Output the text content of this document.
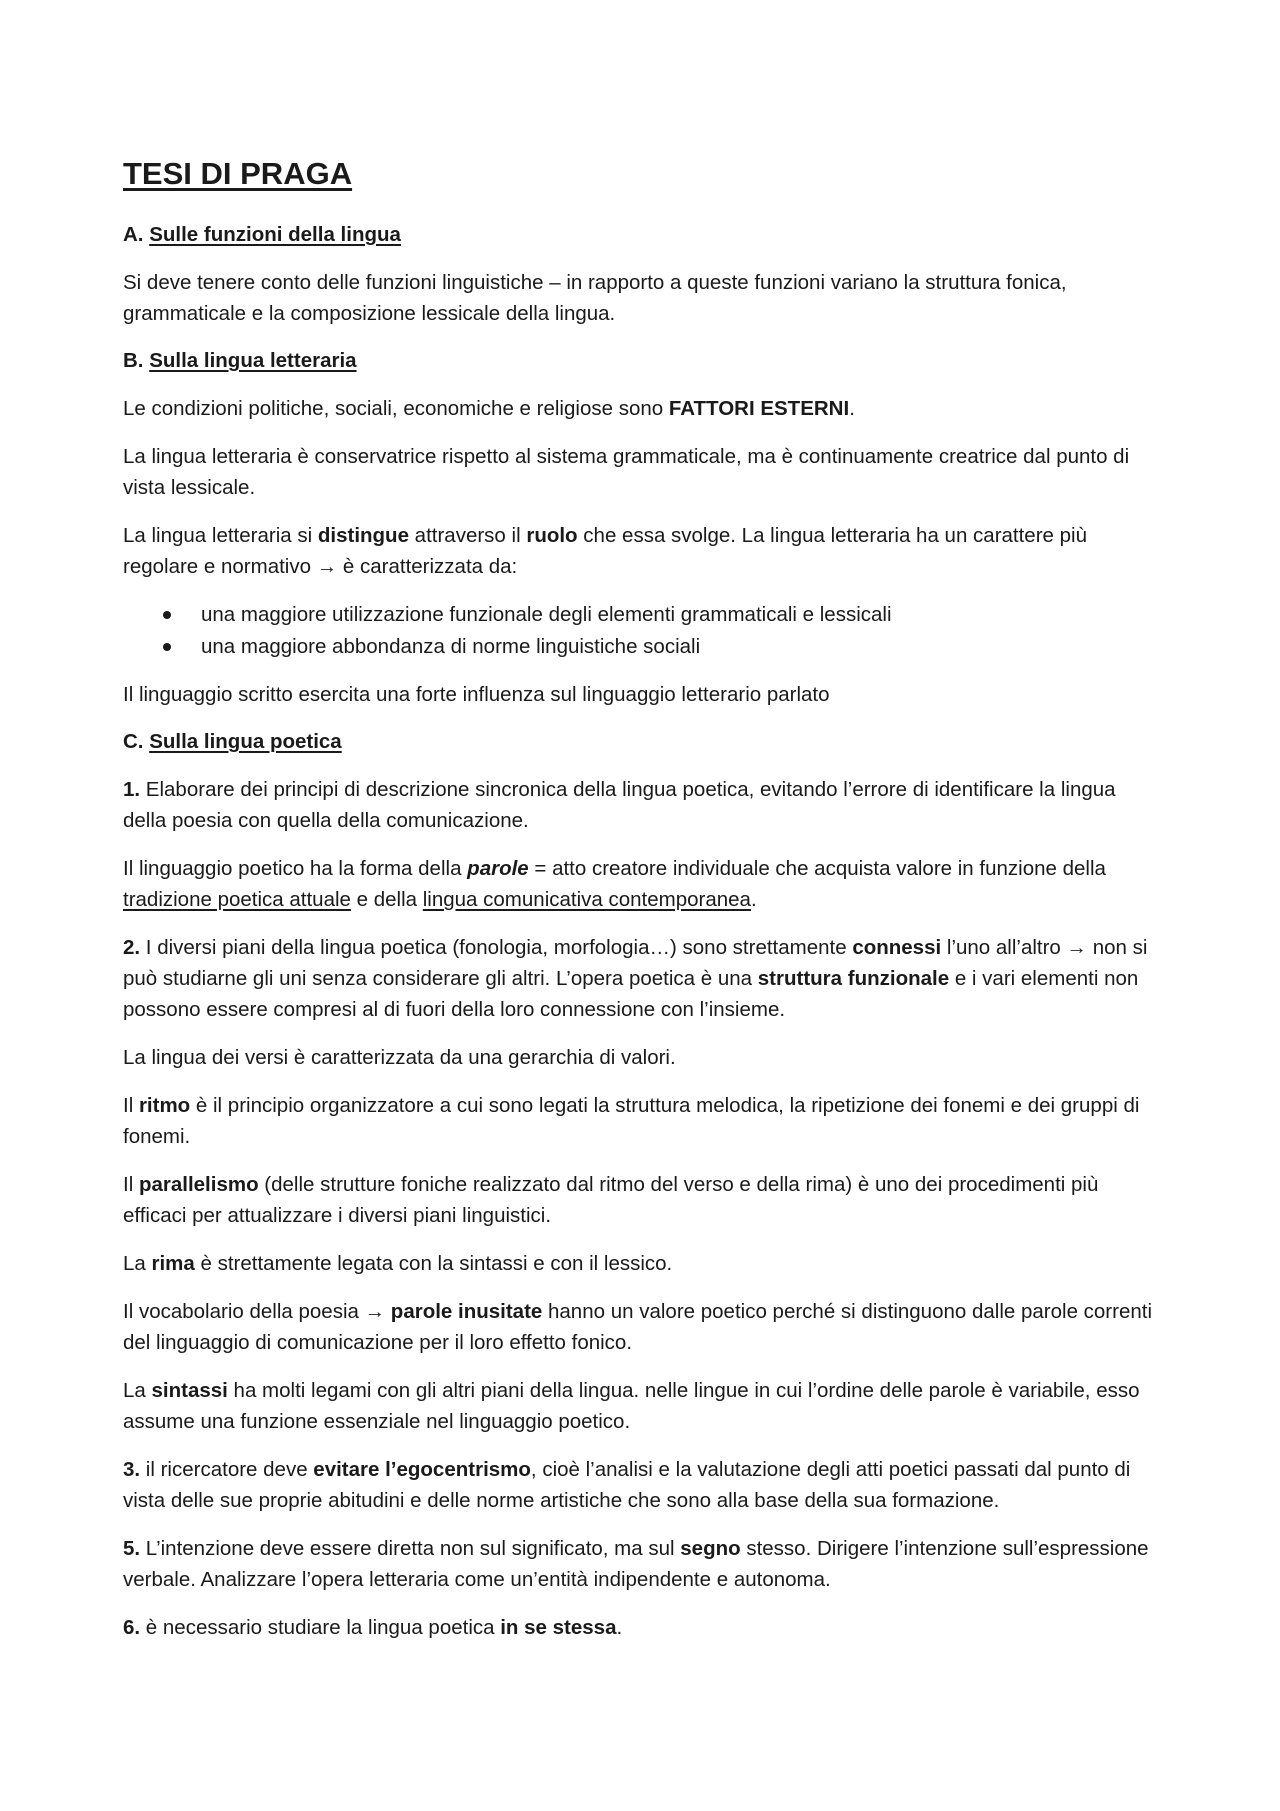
TESI DI PRAGA
A. Sulle funzioni della lingua

Si deve tenere conto delle funzioni linguistiche – in rapporto a queste funzioni variano la struttura fonica, grammaticale e la composizione lessicale della lingua.

B. Sulla lingua letteraria

Le condizioni politiche, sociali, economiche e religiose sono FATTORI ESTERNI.

La lingua letteraria è conservatrice rispetto al sistema grammaticale, ma è continuamente creatrice dal punto di vista lessicale.

La lingua letteraria si distingue attraverso il ruolo che essa svolge. La lingua letteraria ha un carattere più regolare e normativo → è caratterizzata da:

una maggiore utilizzazione funzionale degli elementi grammaticali e lessicali
una maggiore abbondanza di norme linguistiche sociali

Il linguaggio scritto esercita una forte influenza sul linguaggio letterario parlato

C. Sulla lingua poetica

1. Elaborare dei principi di descrizione sincronica della lingua poetica, evitando l’errore di identificare la lingua della poesia con quella della comunicazione.

Il linguaggio poetico ha la forma della parole = atto creatore individuale che acquista valore in funzione della tradizione poetica attuale e della lingua comunicativa contemporanea.

2. I diversi piani della lingua poetica (fonologia, morfologia…) sono strettamente connessi l’uno all’altro → non si può studiarne gli uni senza considerare gli altri. L’opera poetica è una struttura funzionale e i vari elementi non possono essere compresi al di fuori della loro connessione con l’insieme.

La lingua dei versi è caratterizzata da una gerarchia di valori.

Il ritmo è il principio organizzatore a cui sono legati la struttura melodica, la ripetizione dei fonemi e dei gruppi di fonemi.

Il parallelismo (delle strutture foniche realizzato dal ritmo del verso e della rima) è uno dei procedimenti più efficaci per attualizzare i diversi piani linguistici.

La rima è strettamente legata con la sintassi e con il lessico.

Il vocabolario della poesia → parole inusitate hanno un valore poetico perché si distinguono dalle parole correnti del linguaggio di comunicazione per il loro effetto fonico.

La sintassi ha molti legami con gli altri piani della lingua. nelle lingue in cui l’ordine delle parole è variabile, esso assume una funzione essenziale nel linguaggio poetico.

3. il ricercatore deve evitare l’egocentrismo, cioè l’analisi e la valutazione degli atti poetici passati dal punto di vista delle sue proprie abitudini e delle norme artistiche che sono alla base della sua formazione.

5. L’intenzione deve essere diretta non sul significato, ma sul segno stesso. Dirigere l’intenzione sull’espressione verbale. Analizzare l’opera letteraria come un’entità indipendente e autonoma.

6. è necessario studiare la lingua poetica in se stessa.
